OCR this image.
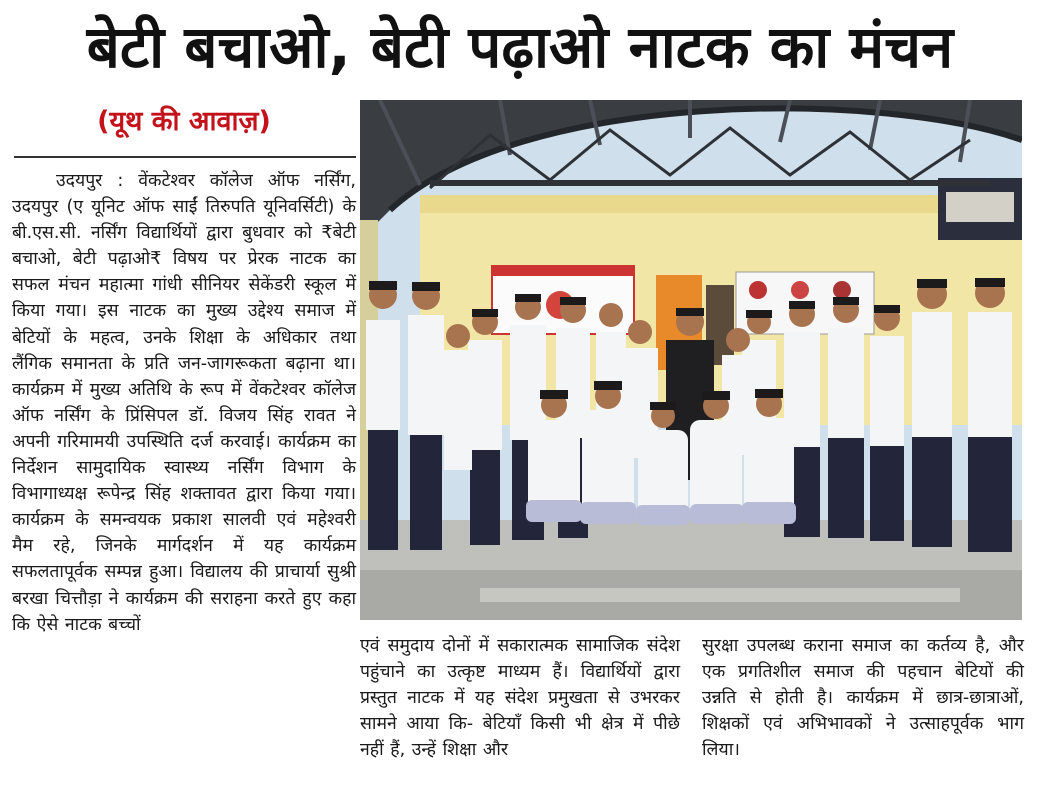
बेटी बचाओ, बेटी पढ़ाओ नाटक का मंचन
(यूथ की आवाज़)

उदयपुर : वेंकटेश्वर कॉलेज ऑफ नर्सिंग, उदयपुर (ए यूनिट ऑफ साईं तिरुपति यूनिवर्सिटी) के बी.एस.सी. नर्सिंग विद्यार्थियों द्वारा बुधवार को ₹बेटी बचाओ, बेटी पढ़ाओ₹ विषय पर प्रेरक नाटक का सफल मंचन महात्मा गांधी सीनियर सेकेंडरी स्कूल में किया गया। इस नाटक का मुख्य उद्देश्य समाज में बेटियों के महत्व, उनके शिक्षा के अधिकार तथा लैंगिक समानता के प्रति जन-जागरूकता बढ़ाना था। कार्यक्रम में मुख्य अतिथि के रूप में वेंकटेश्वर कॉलेज ऑफ नर्सिंग के प्रिंसिपल डॉ. विजय सिंह रावत ने अपनी गरिमामयी उपस्थिति दर्ज करवाई। कार्यक्रम का निर्देशन सामुदायिक स्वास्थ्य नर्सिंग विभाग के विभागाध्यक्ष रूपेन्द्र सिंह शक्तावत द्वारा किया गया। कार्यक्रम के समन्वयक प्रकाश सालवी एवं महेश्वरी मैम रहे, जिनके मार्गदर्शन में यह कार्यक्रम सफलतापूर्वक सम्पन्न हुआ। विद्यालय की प्राचार्या सुश्री बरखा चित्तौड़ा ने कार्यक्रम की सराहना करते हुए कहा कि ऐसे नाटक बच्चों

एवं समुदाय दोनों में सकारात्मक सामाजिक संदेश पहुंचाने का उत्कृष्ट माध्यम हैं। विद्यार्थियों द्वारा प्रस्तुत नाटक में यह संदेश प्रमुखता से उभरकर सामने आया कि- बेटियाँ किसी भी क्षेत्र में पीछे नहीं हैं, उन्हें शिक्षा और

सुरक्षा उपलब्ध कराना समाज का कर्तव्य है, और एक प्रगतिशील समाज की पहचान बेटियों की उन्नति से होती है। कार्यक्रम में छात्र-छात्राओं, शिक्षकों एवं अभिभावकों ने उत्साहपूर्वक भाग लिया।
